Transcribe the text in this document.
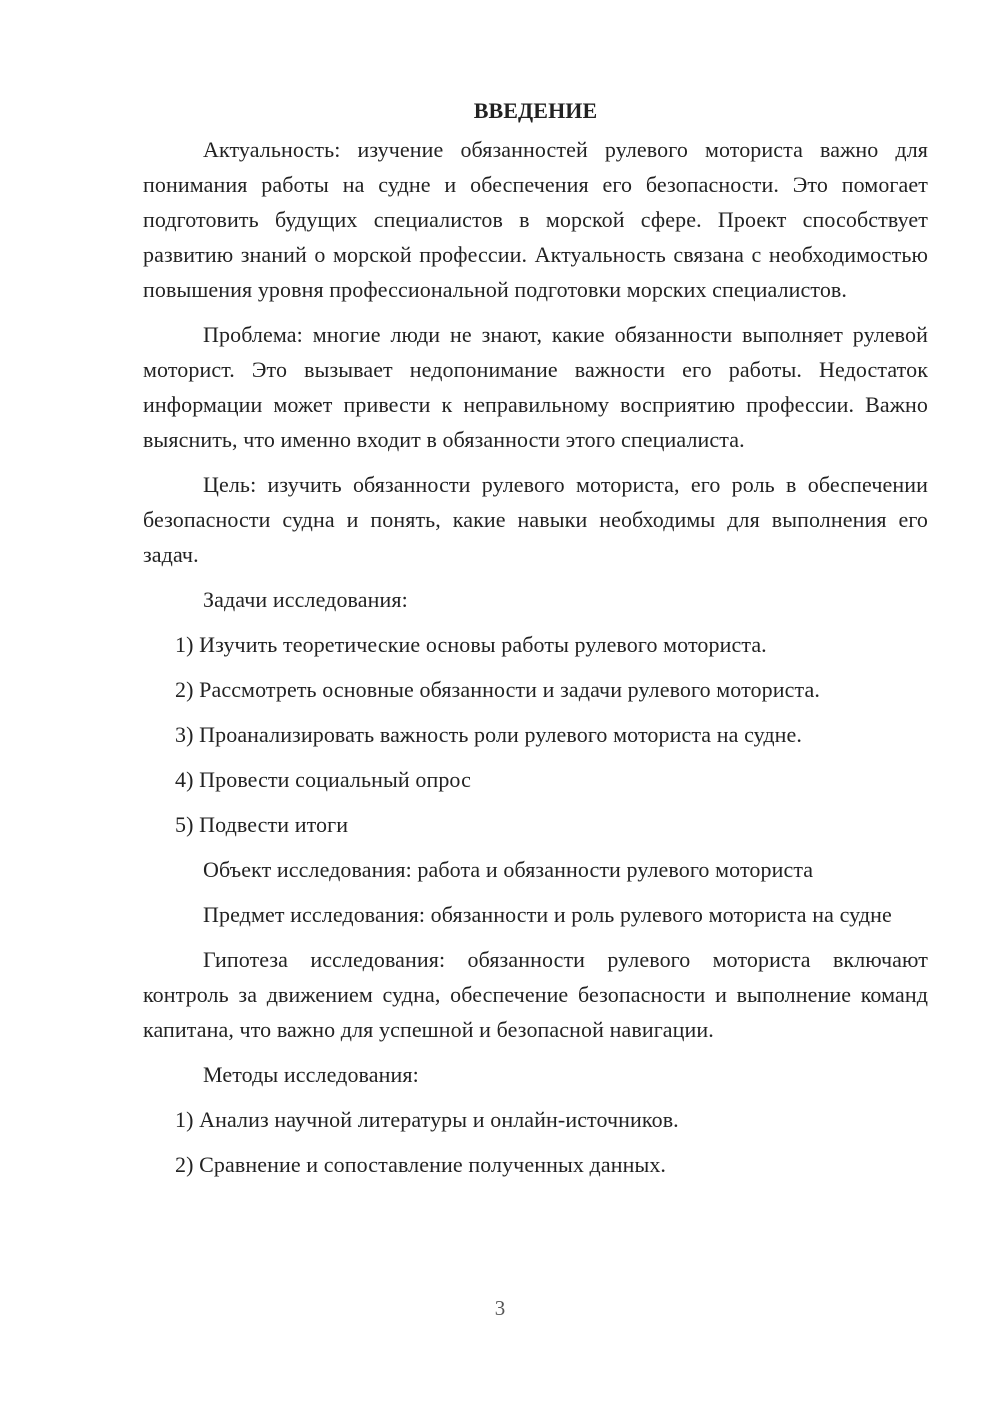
ВВЕДЕНИЕ

Актуальность: изучение обязанностей рулевого моториста важно для понимания работы на судне и обеспечения его безопасности. Это помогает подготовить будущих специалистов в морской сфере. Проект способствует развитию знаний о морской профессии. Актуальность связана с необходимостью повышения уровня профессиональной подготовки морских специалистов.

Проблема: многие люди не знают, какие обязанности выполняет рулевой моторист. Это вызывает недопонимание важности его работы. Недостаток информации может привести к неправильному восприятию профессии. Важно выяснить, что именно входит в обязанности этого специалиста.

Цель: изучить обязанности рулевого моториста, его роль в обеспечении безопасности судна и понять, какие навыки необходимы для выполнения его задач.

Задачи исследования:
1) Изучить теоретические основы работы рулевого моториста.
2) Рассмотреть основные обязанности и задачи рулевого моториста.
3) Проанализировать важность роли рулевого моториста на судне.
4) Провести социальный опрос
5) Подвести итоги
Объект исследования: работа и обязанности рулевого моториста

Предмет исследования: обязанности и роль рулевого моториста на судне

Гипотеза исследования: обязанности рулевого моториста включают контроль за движением судна, обеспечение безопасности и выполнение команд капитана, что важно для успешной и безопасной навигации.

Методы исследования:
1) Анализ научной литературы и онлайн-источников.
2) Сравнение и сопоставление полученных данных.
3
